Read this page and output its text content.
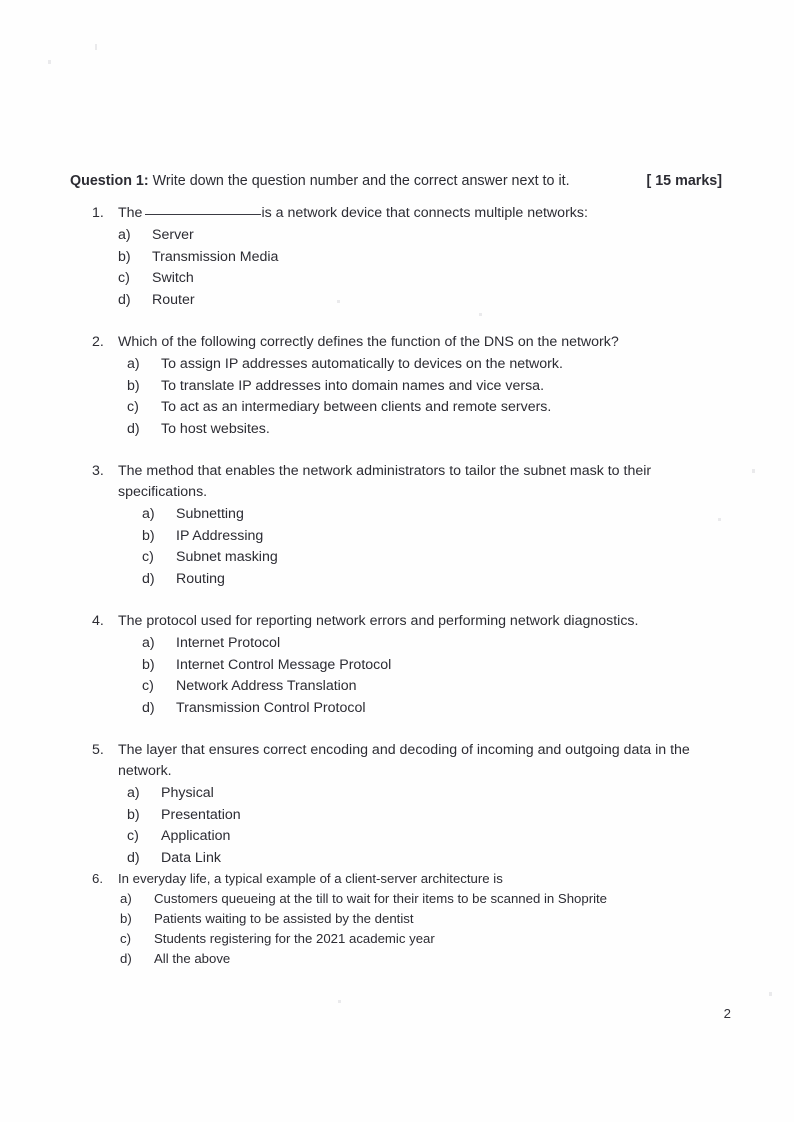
Question 1: Write down the question number and the correct answer next to it.	[ 15 marks]
1. The	is a network device that connects multiple networks:
a) Server
b) Transmission Media
c) Switch
d) Router
2. Which of the following correctly defines the function of the DNS on the network?
a) To assign IP addresses automatically to devices on the network.
b) To translate IP addresses into domain names and vice versa.
c) To act as an intermediary between clients and remote servers.
d) To host websites.
3. The method that enables the network administrators to tailor the subnet mask to their specifications.
a) Subnetting
b) IP Addressing
c) Subnet masking
d) Routing
4. The protocol used for reporting network errors and performing network diagnostics.
a) Internet Protocol
b) Internet Control Message Protocol
c) Network Address Translation
d) Transmission Control Protocol
5. The layer that ensures correct encoding and decoding of incoming and outgoing data in the network.
a) Physical
b) Presentation
c) Application
d) Data Link
6.	In everyday life, a typical example of a client-server architecture is
a) Customers queueing at the till to wait for their items to be scanned in Shoprite
b) Patients waiting to be assisted by the dentist
c) Students registering for the 2021 academic year
d) All the above
2
